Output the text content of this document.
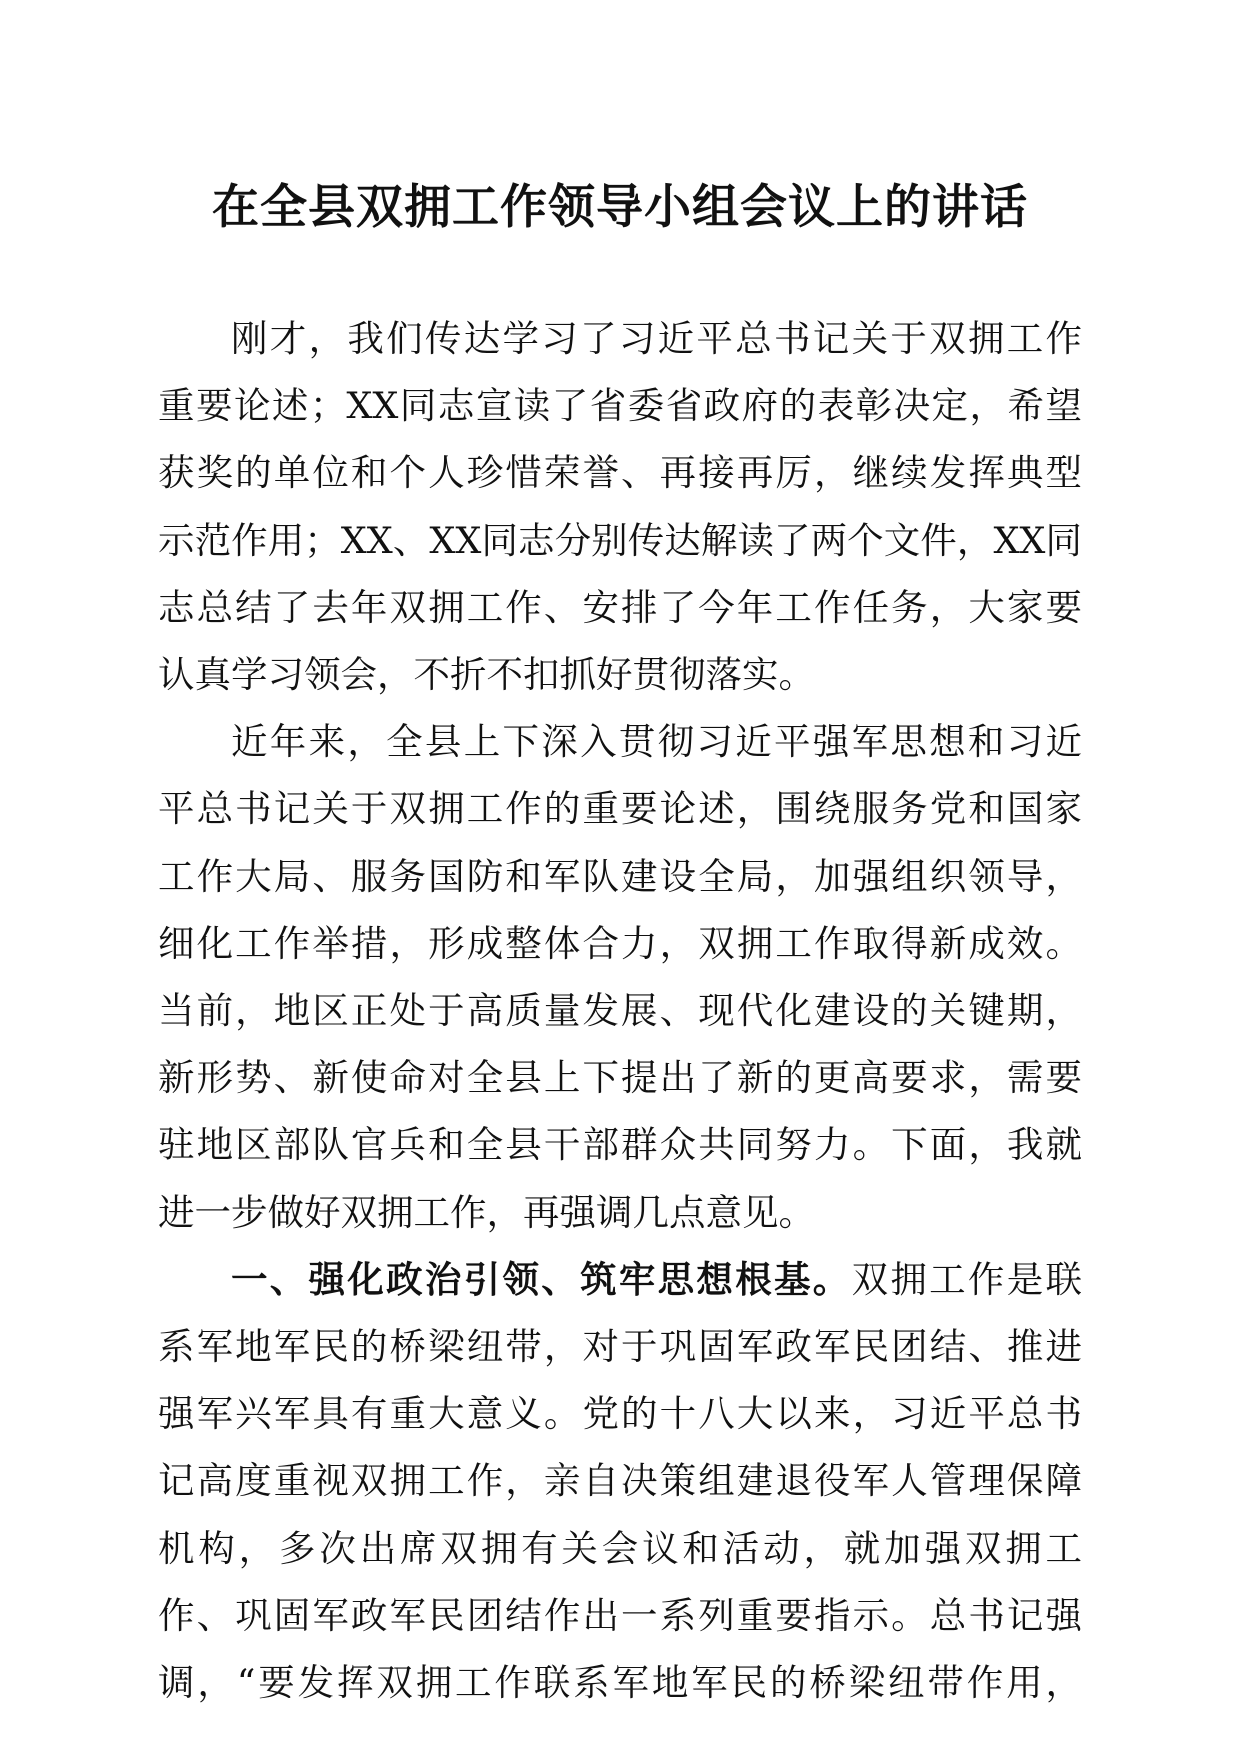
在全县双拥工作领导小组会议上的讲话

刚才，我们传达学习了习近平总书记关于双拥工作
重要论述；XX同志宣读了省委省政府的表彰决定，希望
获奖的单位和个人珍惜荣誉、再接再厉，继续发挥典型
示范作用；XX、XX同志分别传达解读了两个文件，XX同
志总结了去年双拥工作、安排了今年工作任务，大家要
认真学习领会，不折不扣抓好贯彻落实。

近年来，全县上下深入贯彻习近平强军思想和习近
平总书记关于双拥工作的重要论述，围绕服务党和国家
工作大局、服务国防和军队建设全局，加强组织领导，
细化工作举措，形成整体合力，双拥工作取得新成效。
当前，地区正处于高质量发展、现代化建设的关键期，
新形势、新使命对全县上下提出了新的更高要求，需要
驻地区部队官兵和全县干部群众共同努力。下面，我就
进一步做好双拥工作，再强调几点意见。

一、强化政治引领、筑牢思想根基。双拥工作是联
系军地军民的桥梁纽带，对于巩固军政军民团结、推进
强军兴军具有重大意义。党的十八大以来，习近平总书
记高度重视双拥工作，亲自决策组建退役军人管理保障
机构，多次出席双拥有关会议和活动，就加强双拥工
作、巩固军政军民团结作出一系列重要指示。总书记强
调，“要发挥双拥工作联系军地军民的桥梁纽带作用，
